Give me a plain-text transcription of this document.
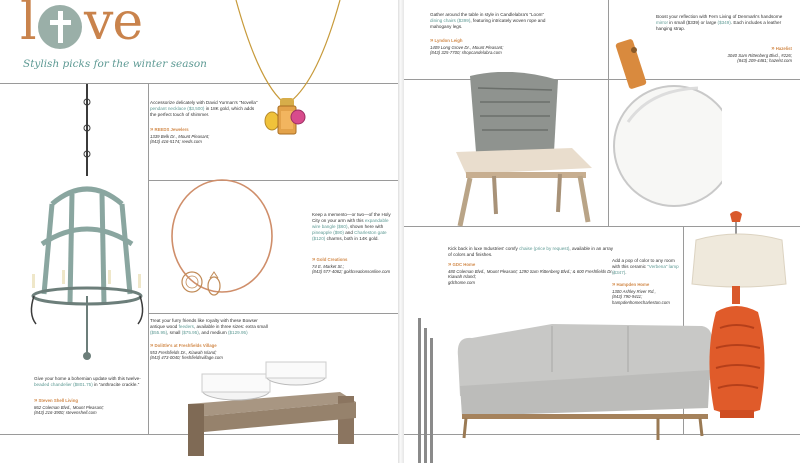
l ve
Stylish picks for the winter season
Accessorize delicately with David Yurman's “Novella” pendant necklace ($3,500) in 18K gold, which adds the perfect touch of shimmer.
» REEDS Jewelers
1339 Belk Dr., Mount Pleasant;
(843) 416-5174; reeds.com
Keep a memento—or two—of the Holy City on your arm with this expandable wire bangle ($60), shown here with pineapple ($90) and Charleston gate ($120) charms, both in 14K gold.
» Gold Creations
74 E. Market St.;
(843) 577-4062; goldcreationsonline.com
Give your home a bohemian update with this twelve- beaded chandelier ($801.75) in “anthracite crackle.”
» Steven Shell Living
862 Coleman Blvd., Mount Pleasant;
(843) 216-3900; stevenshell.com
Treat your furry friends like royalty with these Bowser antique wood feeders, available in three sizes: extra small ($55.95), small ($75.95), and medium ($129.95)
» Dolittle's at Freshfields Village
553 Freshfields Dr., Kiawah Island;
(843) 473-0040; freshfieldsvillage.com
Gather around the table in style in Candlelabra's “Loom” dining chairs ($399), featuring intricately woven rope and mahogany legs.
» Lyndon Leigh
1409 Long Grove Dr., Mount Pleasant;
(843) 325-7700; shopcandelabra.com
Boost your reflection with Fern Living of Denmark's handsome mirror in small ($339) or large ($349). Each includes a leather hanging strap.
» Hazelist
3040 Sam Rittenberg Blvd., #226;
(843) 209-4481; hazelst.com
Kick back in luxe Industries' comfy chaise (price by request), available in an array of colors and finishes.
» GDC Home
480 Coleman Blvd., Mount Pleasant; 1290 Sam Rittenberg Blvd.; & 600 Freshfields Dr., Kiawah Island;
gdchome.com
Add a pop of color to any room with this ceramic “Verbena” lamp ($347).
» Hampden Home
1300 Ashley River Rd.,
(843) 790-9411; hampdenhomecharleston.com
